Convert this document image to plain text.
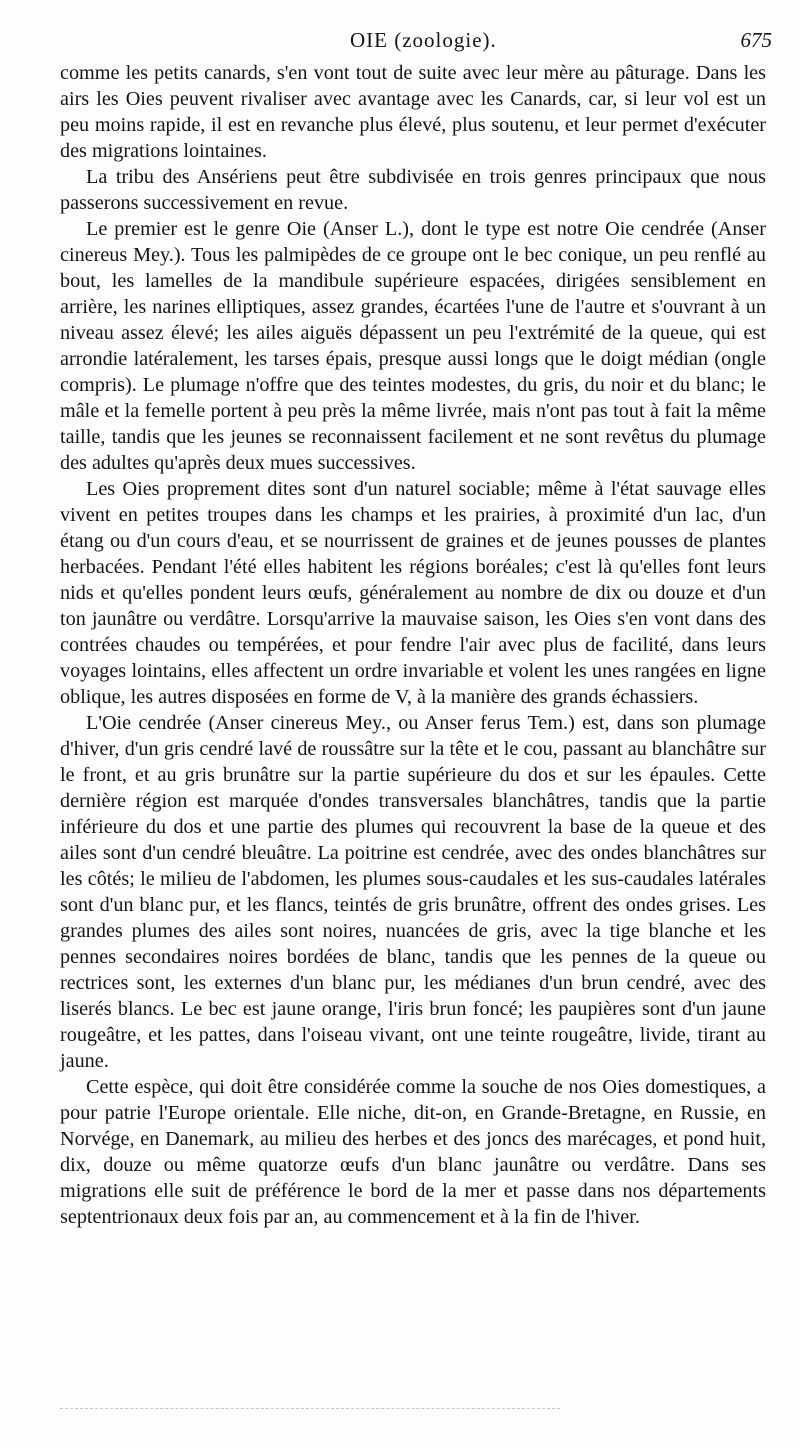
OIE (zoologie).	675

comme les petits canards, s'en vont tout de suite avec leur mère au pâturage. Dans les airs les Oies peuvent rivaliser avec avantage avec les Canards, car, si leur vol est un peu moins rapide, il est en revanche plus élevé, plus soutenu, et leur permet d'exécuter des migrations lointaines.

La tribu des Ansériens peut être subdivisée en trois genres principaux que nous passerons successivement en revue.

Le premier est le genre Oie (Anser L.), dont le type est notre Oie cendrée (Anser cinereus Mey.). Tous les palmipèdes de ce groupe ont le bec conique, un peu renflé au bout, les lamelles de la mandibule supérieure espacées, dirigées sensiblement en arrière, les narines elliptiques, assez grandes, écartées l'une de l'autre et s'ouvrant à un niveau assez élevé; les ailes aiguës dépassent un peu l'extrémité de la queue, qui est arrondie latéralement, les tarses épais, presque aussi longs que le doigt médian (ongle compris). Le plumage n'offre que des teintes modestes, du gris, du noir et du blanc; le mâle et la femelle portent à peu près la même livrée, mais n'ont pas tout à fait la même taille, tandis que les jeunes se reconnaissent facilement et ne sont revêtus du plumage des adultes qu'après deux mues successives.

Les Oies proprement dites sont d'un naturel sociable; même à l'état sauvage elles vivent en petites troupes dans les champs et les prairies, à proximité d'un lac, d'un étang ou d'un cours d'eau, et se nourrissent de graines et de jeunes pousses de plantes herbacées. Pendant l'été elles habitent les régions boréales; c'est là qu'elles font leurs nids et qu'elles pondent leurs œufs, généralement au nombre de dix ou douze et d'un ton jaunâtre ou verdâtre. Lorsqu'arrive la mauvaise saison, les Oies s'en vont dans des contrées chaudes ou tempérées, et pour fendre l'air avec plus de facilité, dans leurs voyages lointains, elles affectent un ordre invariable et volent les unes rangées en ligne oblique, les autres disposées en forme de V, à la manière des grands échassiers.

L'Oie cendrée (Anser cinereus Mey., ou Anser ferus Tem.) est, dans son plumage d'hiver, d'un gris cendré lavé de roussâtre sur la tête et le cou, passant au blanchâtre sur le front, et au gris brunâtre sur la partie supérieure du dos et sur les épaules. Cette dernière région est marquée d'ondes transversales blanchâtres, tandis que la partie inférieure du dos et une partie des plumes qui recouvrent la base de la queue et des ailes sont d'un cendré bleuâtre. La poitrine est cendrée, avec des ondes blanchâtres sur les côtés; le milieu de l'abdomen, les plumes sous-caudales et les sus-caudales latérales sont d'un blanc pur, et les flancs, teintés de gris brunâtre, offrent des ondes grises. Les grandes plumes des ailes sont noires, nuancées de gris, avec la tige blanche et les pennes secondaires noires bordées de blanc, tandis que les pennes de la queue ou rectrices sont, les externes d'un blanc pur, les médianes d'un brun cendré, avec des liserés blancs. Le bec est jaune orange, l'iris brun foncé; les paupières sont d'un jaune rougeâtre, et les pattes, dans l'oiseau vivant, ont une teinte rougeâtre, livide, tirant au jaune.

Cette espèce, qui doit être considérée comme la souche de nos Oies domestiques, a pour patrie l'Europe orientale. Elle niche, dit-on, en Grande-Bretagne, en Russie, en Norvége, en Danemark, au milieu des herbes et des joncs des marécages, et pond huit, dix, douze ou même quatorze œufs d'un blanc jaunâtre ou verdâtre. Dans ses migrations elle suit de préférence le bord de la mer et passe dans nos départements septentrionaux deux fois par an, au commencement et à la fin de l'hiver.
